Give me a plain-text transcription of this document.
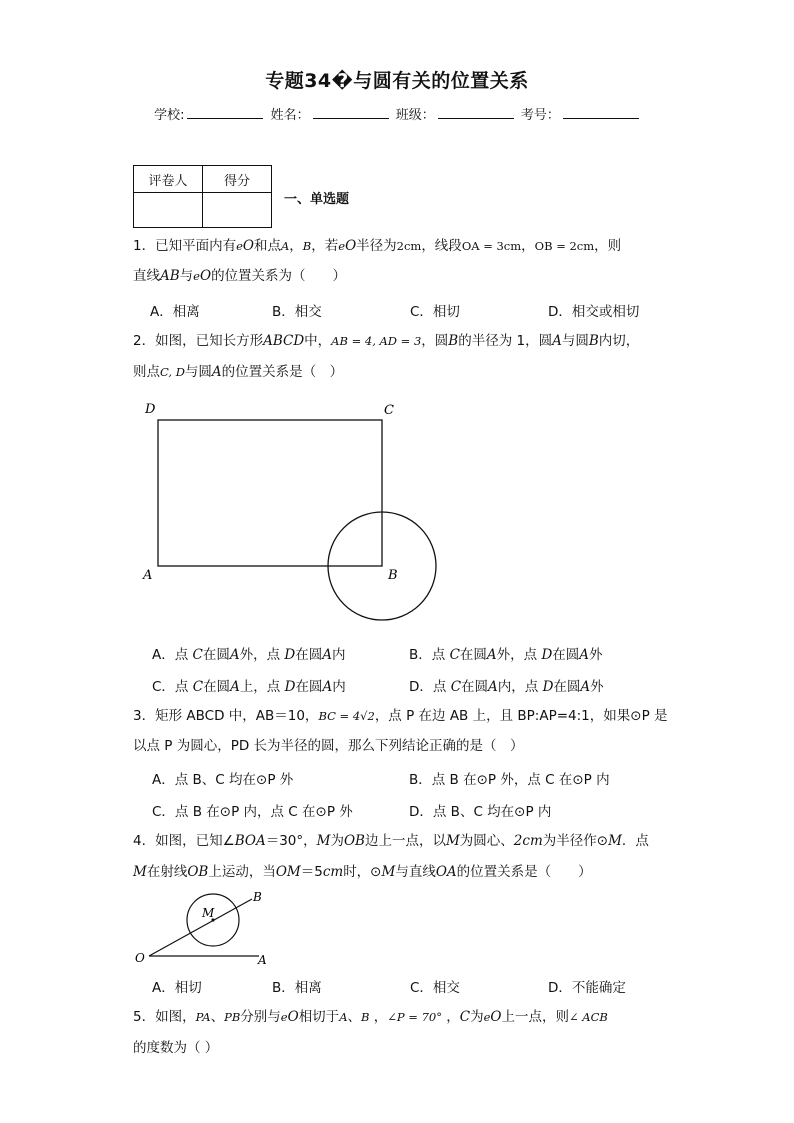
专题34�与圆有关的位置关系
学校:	姓名：	班级：	考号：
评卷人	得分

一、单选题
1．已知平面内有eO和点A，B，若eO半径为2cm，线段OA = 3cm，OB = 2cm，则
直线AB与eO的位置关系为（　　）
A．相离	B．相交	C．相切	D．相交或相切
2．如图，已知长方形ABCD中，AB = 4, AD = 3，圆B的半径为 1，圆A与圆B内切，
则点C, D与圆A的位置关系是（　）
D	C
A	B
A．点 C在圆A外，点 D在圆A内	B．点 C在圆A外，点 D在圆A外
C．点 C在圆A上，点 D在圆A内	D．点 C在圆A内，点 D在圆A外
3．矩形 ABCD 中，AB＝10，BC = 4√2，点 P 在边 AB 上，且 BP:AP=4:1，如果⊙P 是
以点 P 为圆心，PD 长为半径的圆，那么下列结论正确的是（　）
A．点 B、C 均在⊙P 外	B．点 B 在⊙P 外，点 C 在⊙P 内
C．点 B 在⊙P 内，点 C 在⊙P 外	D．点 B、C 均在⊙P 内
4．如图，已知∠BOA＝30°，M为OB边上一点，以M为圆心、2cm为半径作⊙M．点
M在射线OB上运动，当OM＝5cm时，⊙M与直线OA的位置关系是（　　）
O	A
B
M
A．相切	B．相离	C．相交	D．不能确定
5．如图，PA、PB分别与eO相切于A、B ，∠P = 70° ，C为eO上一点，则∠ ACB
的度数为（ ）
